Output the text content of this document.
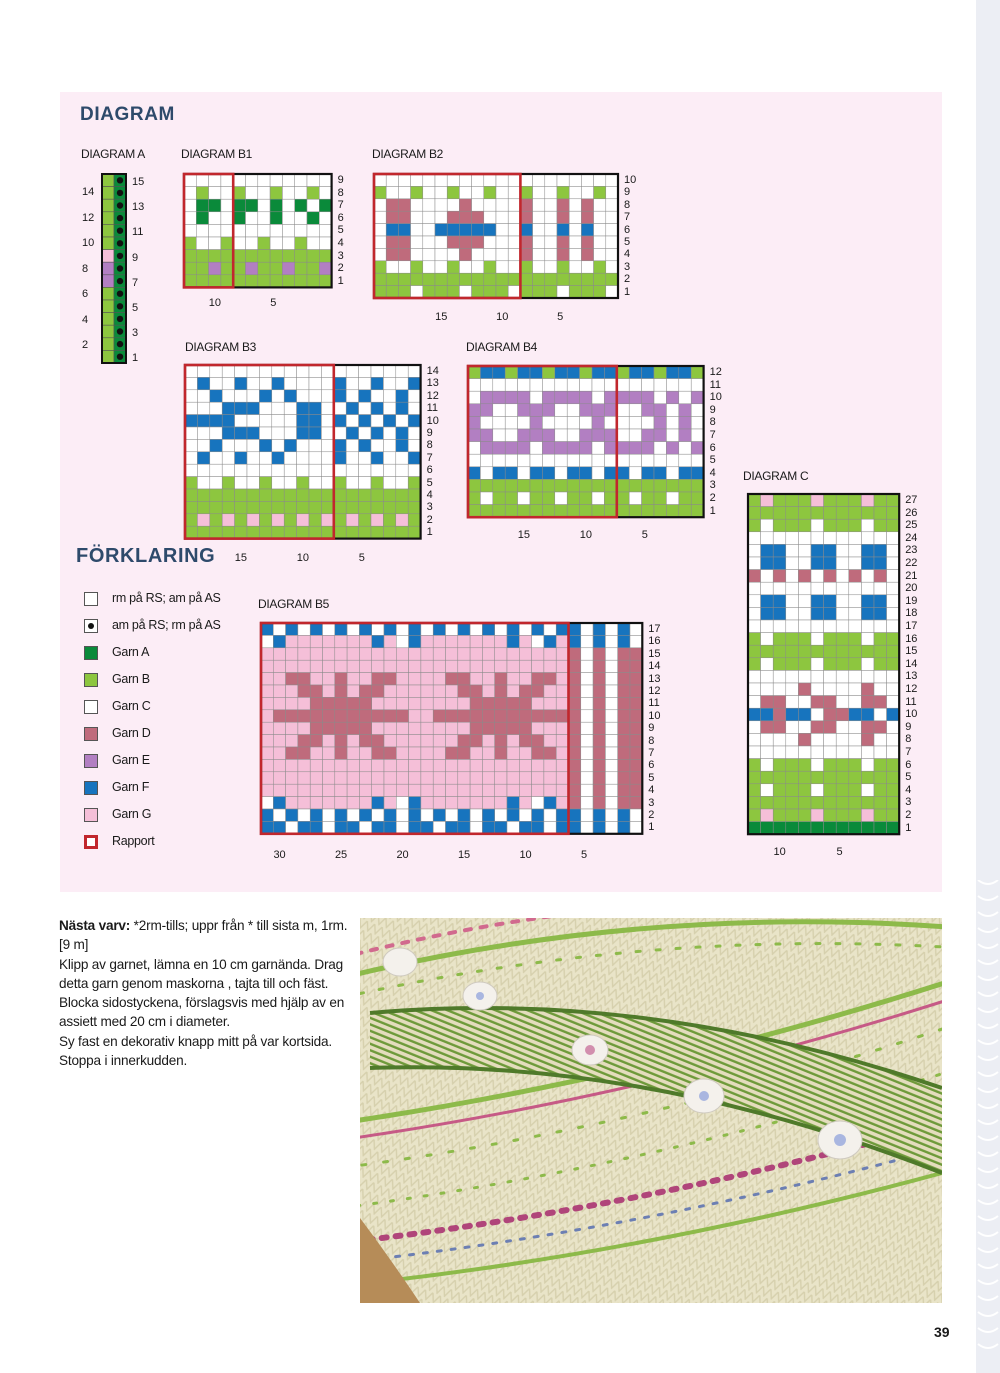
DIAGRAM
DIAGRAM A
14
12
10
8
6
4
2
15
13
11
9
7
5
3
1
DIAGRAM B1
9
8
7
6
5
4
3
2
1
10	5
DIAGRAM B2
10
9
8
7
6
5
4
3
2
1
15	10	5
DIAGRAM B3
14
13
12
11
10
9
8
7
6
5
4
3
2
1
15	10	5
DIAGRAM B4
12
11
10
9
8
7
6
5
4
3
2
1
15	10	5
DIAGRAM B5
17
16
15
14
13
12
11
10
9
8
7
6
5
4
3
2
1
30	25	20	15	10	5
DIAGRAM C
27
26
25
24
23
22
21
20
19
18
17
16
15
14
13
12
11
10
9
8
7
6
5
4
3
2
1
10	5
FÖRKLARING
rm på RS; am på AS
am på RS; rm på AS
Garn A
Garn B
Garn C
Garn D
Garn E
Garn F
Garn G
Rapport

Nästa varv: *2rm-tills; uppr från * till sista m, 1rm. [9 m]

Klipp av garnet, lämna en 10 cm garnända. Drag detta garn genom maskorna , tajta till och fäst.

Blocka sidostyckena, förslagsvis med hjälp av en assiett med 20 cm i diameter.

Sy fast en dekorativ knapp mitt på var kortsida. Stoppa i innerkudden.

39
